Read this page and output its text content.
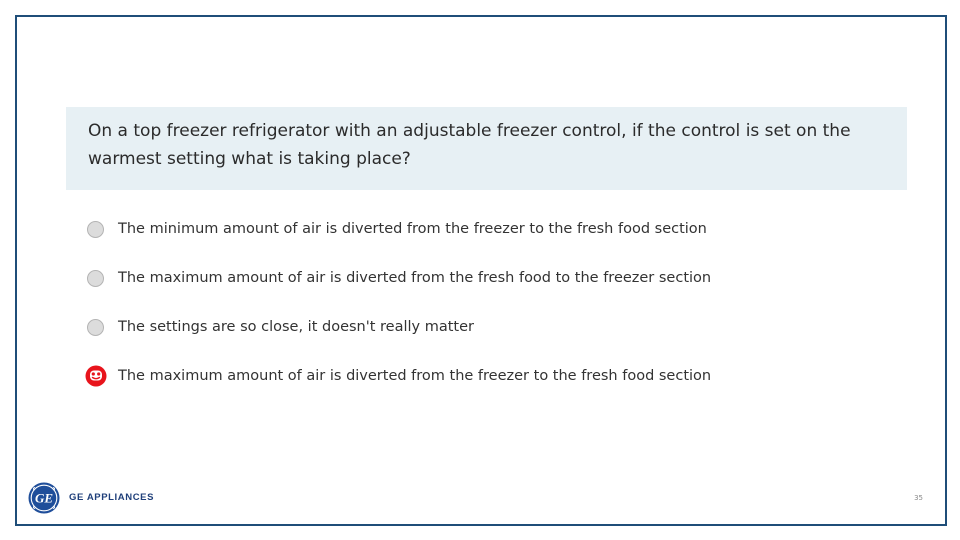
On a top freezer refrigerator with an adjustable freezer control, if the control is set on the warmest setting what is taking place?
The minimum amount of air is diverted from the freezer to the fresh food section
The maximum amount of air is diverted from the fresh food to the freezer section
The settings are so close, it doesn't really matter
The maximum amount of air is diverted from the freezer to the fresh food section
GE GE APPLIANCES	35
